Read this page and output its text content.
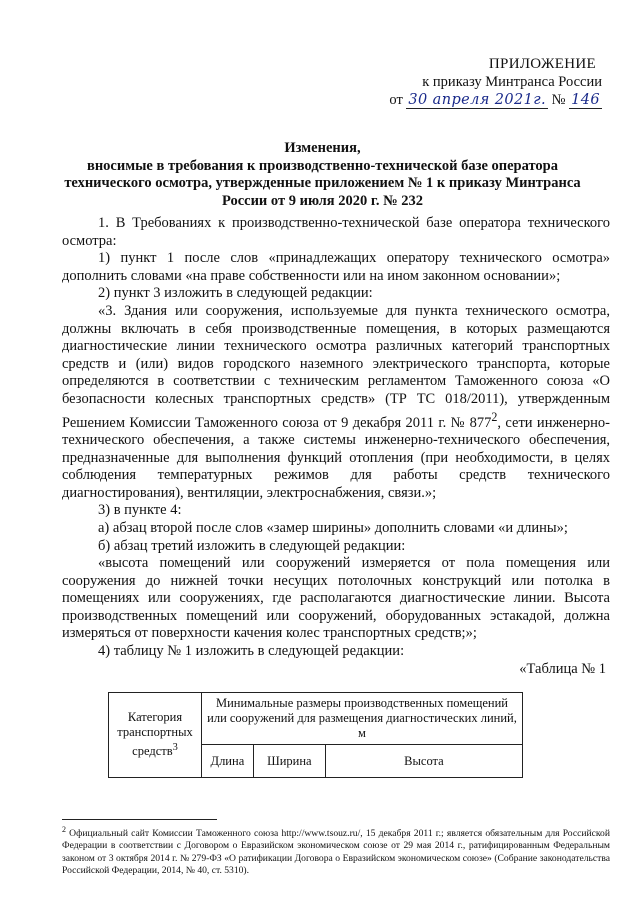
ПРИЛОЖЕНИЕ
к приказу Минтранса России
от 30 апреля 2021г. № 146
Изменения,
вносимые в требования к производственно-технической базе оператора
технического осмотра, утвержденные приложением № 1 к приказу Минтранса
России от 9 июля 2020 г. № 232

1. В Требованиях к производственно-технической базе оператора технического осмотра:

1) пункт 1 после слов «принадлежащих оператору технического осмотра» дополнить словами «на праве собственности или на ином законном основании»;

2) пункт 3 изложить в следующей редакции:

«3. Здания или сооружения, используемые для пункта технического осмотра, должны включать в себя производственные помещения, в которых размещаются диагностические линии технического осмотра различных категорий транспортных средств и (или) видов городского наземного электрического транспорта, которые определяются в соответствии с техническим регламентом Таможенного союза «О безопасности колесных транспортных средств» (ТР ТС 018/2011), утвержденным Решением Комиссии Таможенного союза от 9 декабря 2011 г. № $877^2$, сети инженерно-технического обеспечения, а также системы инженерно-технического обеспечения, предназначенные для выполнения функций отопления (при необходимости, в целях соблюдения температурных режимов для работы средств технического диагностирования), вентиляции, электроснабжения, связи.»;

3) в пункте 4:

а) абзац второй после слов «замер ширины» дополнить словами «и длины»;

б) абзац третий изложить в следующей редакции:

«высота помещений или сооружений измеряется от пола помещения или сооружения до нижней точки несущих потолочных конструкций или потолка в помещениях или сооружениях, где располагаются диагностические линии. Высота производственных помещений или сооружений, оборудованных эстакадой, должна измеряться от поверхности качения колес транспортных средств;»;

4) таблицу № 1 изложить в следующей редакции:

«Таблица № 1
Категория транспортных средств$^3$	Минимальные размеры производственных помещений или сооружений для размещения диагностических линий, м		
	Длина	Ширина	Высота
$^2$ Официальный сайт Комиссии Таможенного союза http://www.tsouz.ru/, 15 декабря 2011 г.; является обязательным для Российской Федерации в соответствии с Договором о Евразийском экономическом союзе от 29 мая 2014 г., ратифицированным Федеральным законом от 3 октября 2014 г. № 279-ФЗ «О ратификации Договора о Евразийском экономическом союзе» (Собрание законодательства Российской Федерации, 2014, № 40, ст. 5310).
